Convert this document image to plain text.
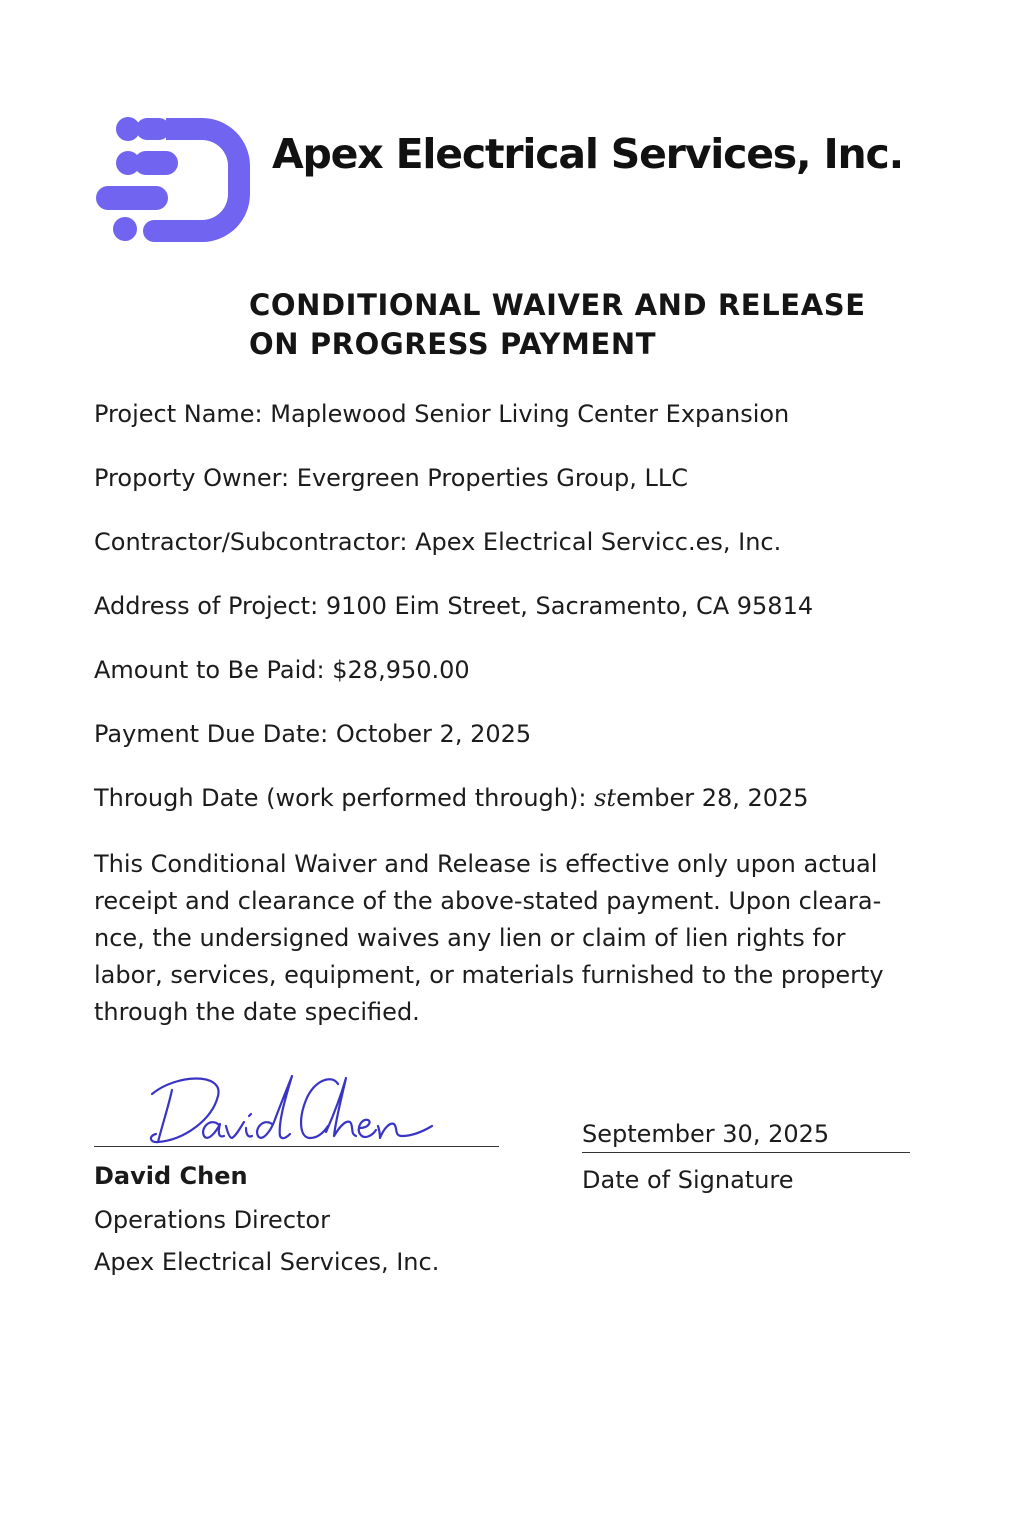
Apex Electrical Services, Inc.
CONDITIONAL WAIVER AND RELEASE
ON PROGRESS PAYMENT
Project Name: Maplewood Senior Living Center Expansion
Proporty Owner: Evergreen Properties Group, LLC
Contractor/Subcontractor: Apex Electrical Servicc.es, Inc.
Address of Project: 9100 Eim Street, Sacramento, CA 95814
Amount to Be Paid: $28,950.00
Payment Due Date: October 2, 2025
Through Date (work performed through): stember 28, 2025
This Conditional Waiver and Release is effective only upon actual
receipt and clearance of the above-stated payment. Upon cleara-
nce, the undersigned waives any lien or claim of lien rights for
labor, services, equipment, or materials furnished to the property
through the date specified.
David Chen
Operations Director
Apex Electrical Services, Inc.
September 30, 2025
Date of Signature
